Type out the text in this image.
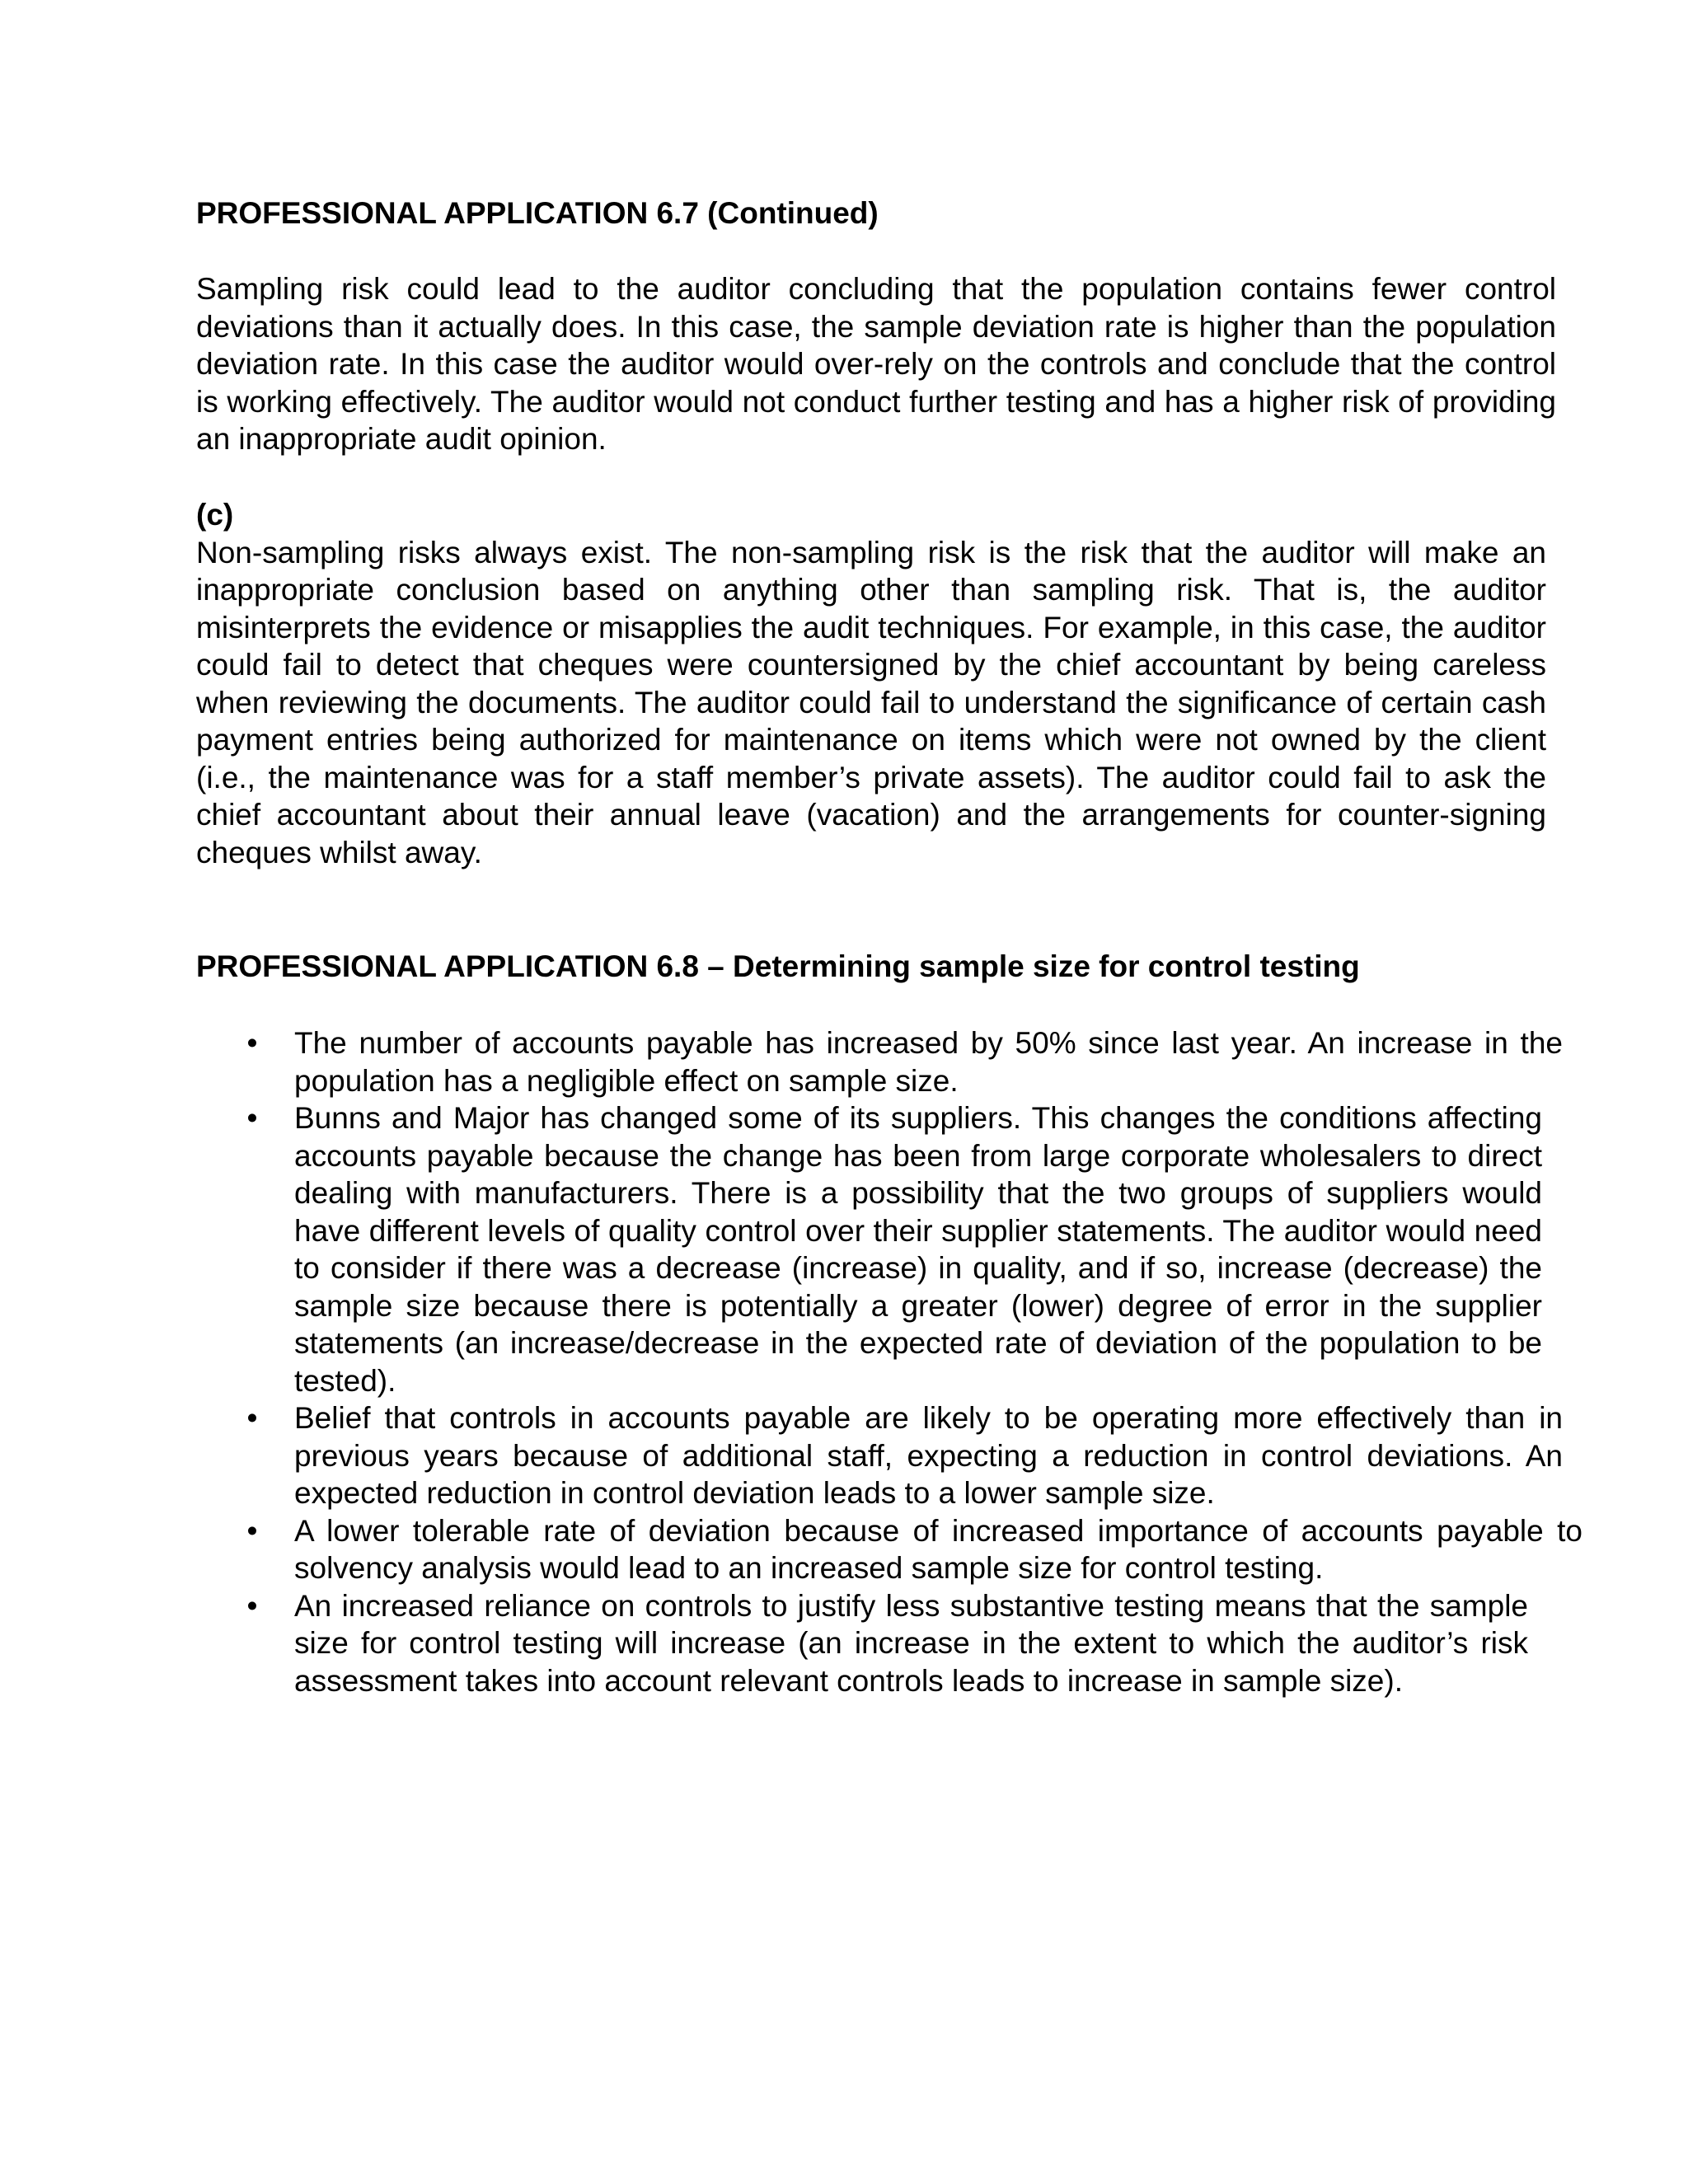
PROFESSIONAL APPLICATION 6.7 (Continued)

Sampling risk could lead to the auditor concluding that the population contains fewer control deviations than it actually does. In this case, the sample deviation rate is higher than the population deviation rate. In this case the auditor would over-rely on the controls and conclude that the control is working effectively. The auditor would not conduct further testing and has a higher risk of providing an inappropriate audit opinion.

(c)

Non-sampling risks always exist. The non-sampling risk is the risk that the auditor will make an inappropriate conclusion based on anything other than sampling risk. That is, the auditor misinterprets the evidence or misapplies the audit techniques. For example, in this case, the auditor could fail to detect that cheques were countersigned by the chief accountant by being careless when reviewing the documents. The auditor could fail to understand the significance of certain cash payment entries being authorized for maintenance on items which were not owned by the client (i.e., the maintenance was for a staff member’s private assets). The auditor could fail to ask the chief accountant about their annual leave (vacation) and the arrangements for counter-signing cheques whilst away.

PROFESSIONAL APPLICATION 6.8 – Determining sample size for control testing
• The number of accounts payable has increased by 50% since last year. An increase in the population has a negligible effect on sample size.
• Bunns and Major has changed some of its suppliers. This changes the conditions affecting accounts payable because the change has been from large corporate wholesalers to direct dealing with manufacturers. There is a possibility that the two groups of suppliers would have different levels of quality control over their supplier statements. The auditor would need to consider if there was a decrease (increase) in quality, and if so, increase (decrease) the sample size because there is potentially a greater (lower) degree of error in the supplier statements (an increase/decrease in the expected rate of deviation of the population to be tested).
• Belief that controls in accounts payable are likely to be operating more effectively than in previous years because of additional staff, expecting a reduction in control deviations. An expected reduction in control deviation leads to a lower sample size.
• A lower tolerable rate of deviation because of increased importance of accounts payable to solvency analysis would lead to an increased sample size for control testing.
• An increased reliance on controls to justify less substantive testing means that the sample size for control testing will increase (an increase in the extent to which the auditor’s risk assessment takes into account relevant controls leads to increase in sample size).
